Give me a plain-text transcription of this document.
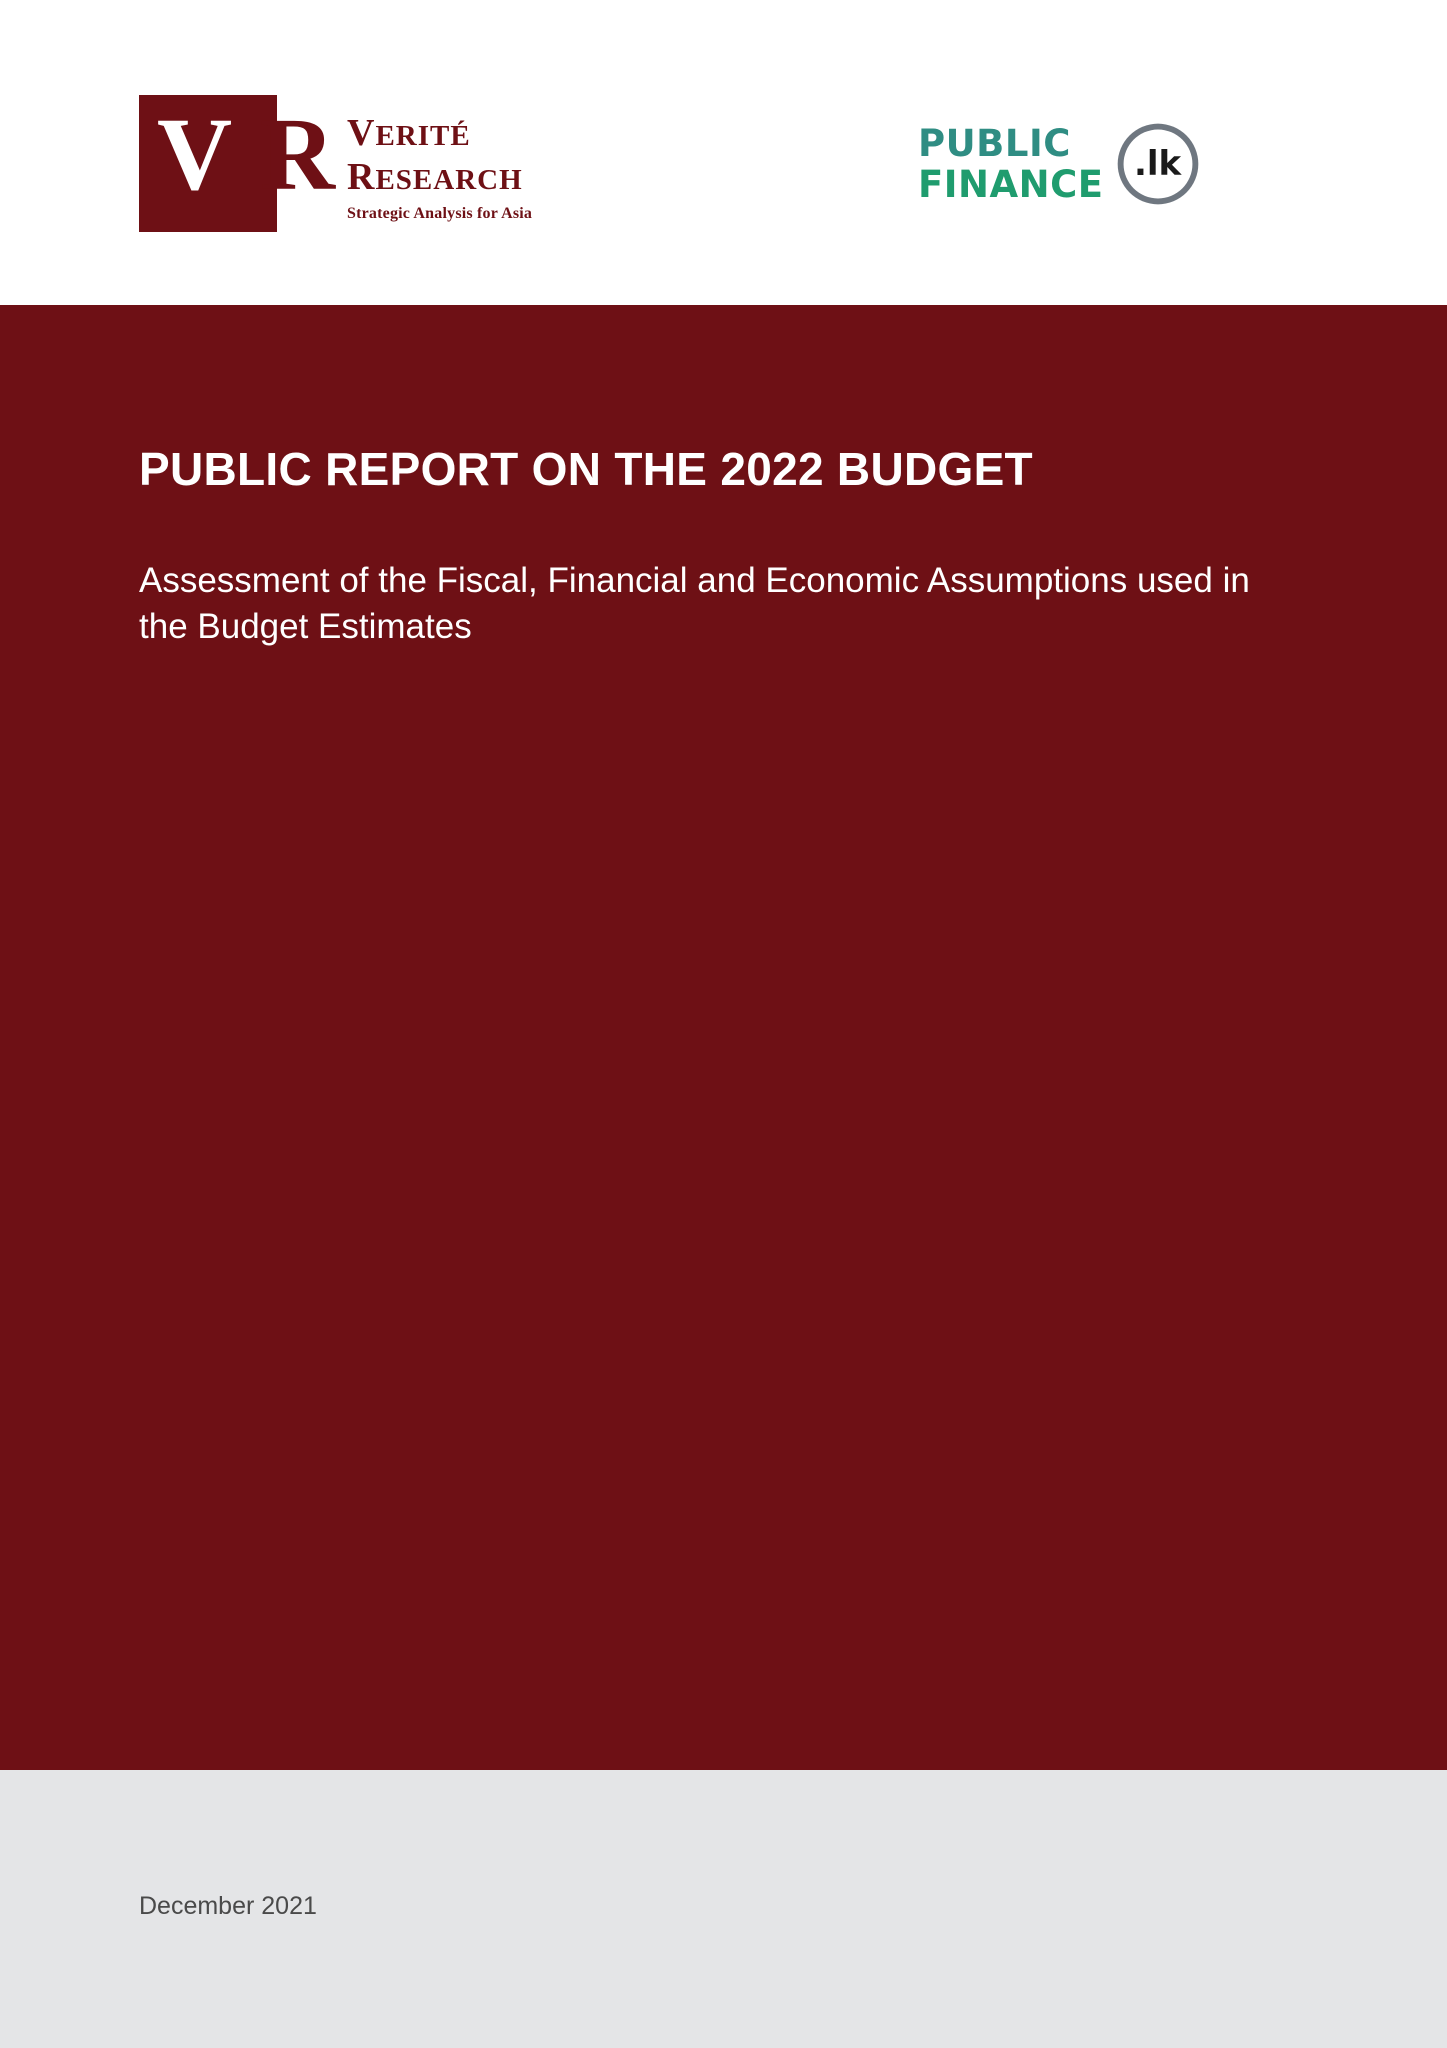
V R VERITÉ
RESEARCH
Strategic Analysis for Asia
PUBLIC
FINANCE .lk
PUBLIC REPORT ON THE 2022 BUDGET
Assessment of the Fiscal, Financial and Economic Assumptions used in the Budget Estimates
December 2021
